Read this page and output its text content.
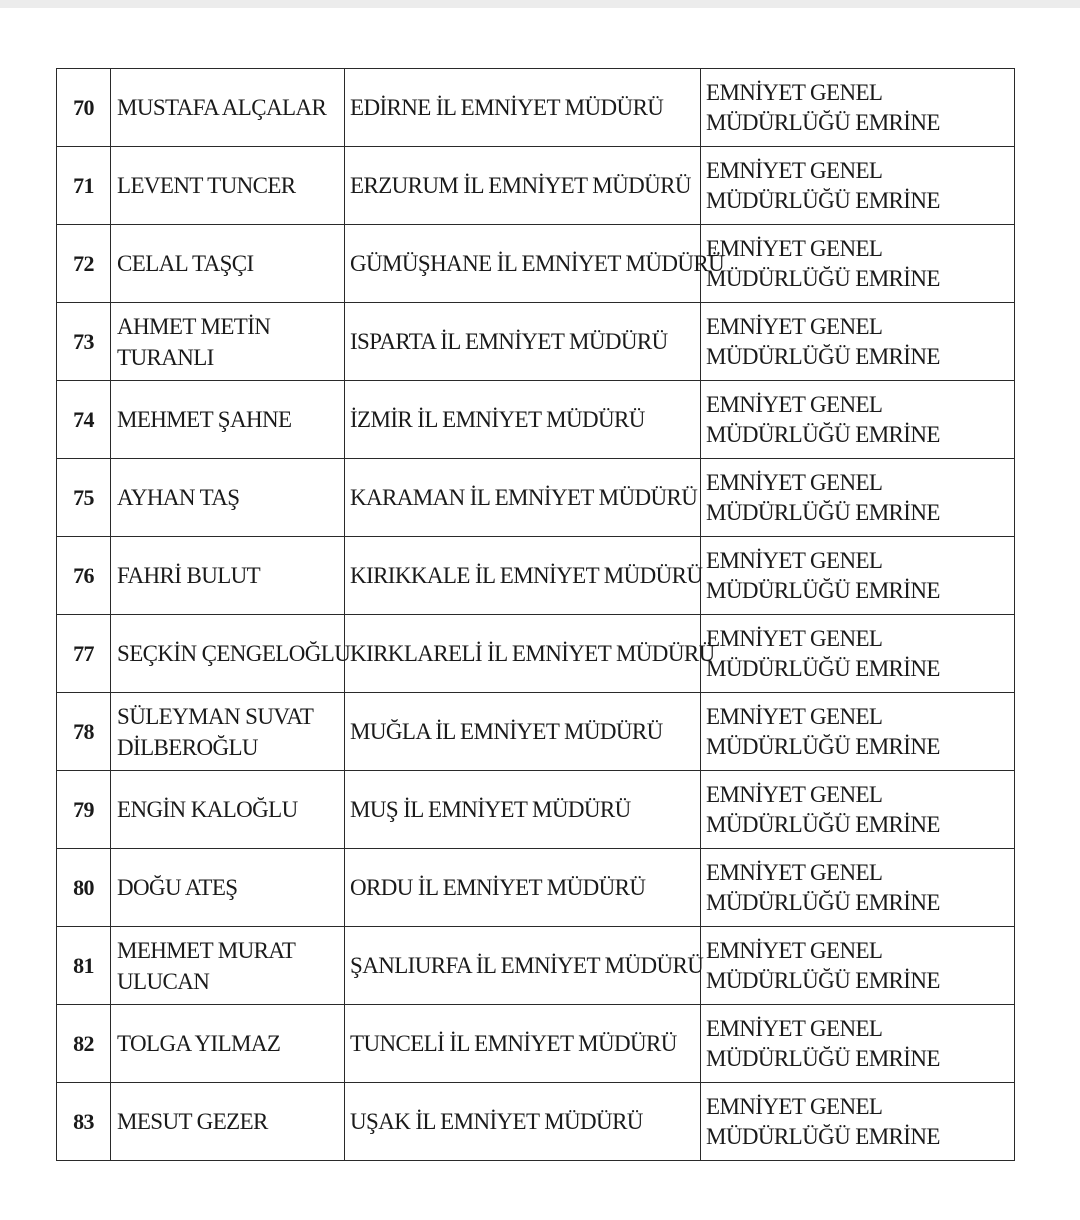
70	MUSTAFA ALÇALAR	EDİRNE İL EMNİYET MÜDÜRÜ	EMNİYET GENEL
MÜDÜRLÜĞÜ EMRİNE

71	LEVENT TUNCER	ERZURUM İL EMNİYET MÜDÜRÜ	EMNİYET GENEL
MÜDÜRLÜĞÜ EMRİNE

72	CELAL TAŞÇI	GÜMÜŞHANE İL EMNİYET MÜDÜRÜ	EMNİYET GENEL
MÜDÜRLÜĞÜ EMRİNE

73	AHMET METİN
TURANLI	ISPARTA İL EMNİYET MÜDÜRÜ	EMNİYET GENEL
MÜDÜRLÜĞÜ EMRİNE

74	MEHMET ŞAHNE	İZMİR İL EMNİYET MÜDÜRÜ	EMNİYET GENEL
MÜDÜRLÜĞÜ EMRİNE

75	AYHAN TAŞ	KARAMAN İL EMNİYET MÜDÜRÜ	EMNİYET GENEL
MÜDÜRLÜĞÜ EMRİNE

76	FAHRİ BULUT	KIRIKKALE İL EMNİYET MÜDÜRÜ	EMNİYET GENEL
MÜDÜRLÜĞÜ EMRİNE

77	SEÇKİN ÇENGELOĞLU	KIRKLARELİ İL EMNİYET MÜDÜRÜ	EMNİYET GENEL
MÜDÜRLÜĞÜ EMRİNE

78	SÜLEYMAN SUVAT
DİLBEROĞLU	MUĞLA İL EMNİYET MÜDÜRÜ	EMNİYET GENEL
MÜDÜRLÜĞÜ EMRİNE

79	ENGİN KALOĞLU	MUŞ İL EMNİYET MÜDÜRÜ	EMNİYET GENEL
MÜDÜRLÜĞÜ EMRİNE

80	DOĞU ATEŞ	ORDU İL EMNİYET MÜDÜRÜ	EMNİYET GENEL
MÜDÜRLÜĞÜ EMRİNE

81	MEHMET MURAT
ULUCAN	ŞANLIURFA İL EMNİYET MÜDÜRÜ	EMNİYET GENEL
MÜDÜRLÜĞÜ EMRİNE

82	TOLGA YILMAZ	TUNCELİ İL EMNİYET MÜDÜRÜ	EMNİYET GENEL
MÜDÜRLÜĞÜ EMRİNE

83	MESUT GEZER	UŞAK İL EMNİYET MÜDÜRÜ	EMNİYET GENEL
MÜDÜRLÜĞÜ EMRİNE
